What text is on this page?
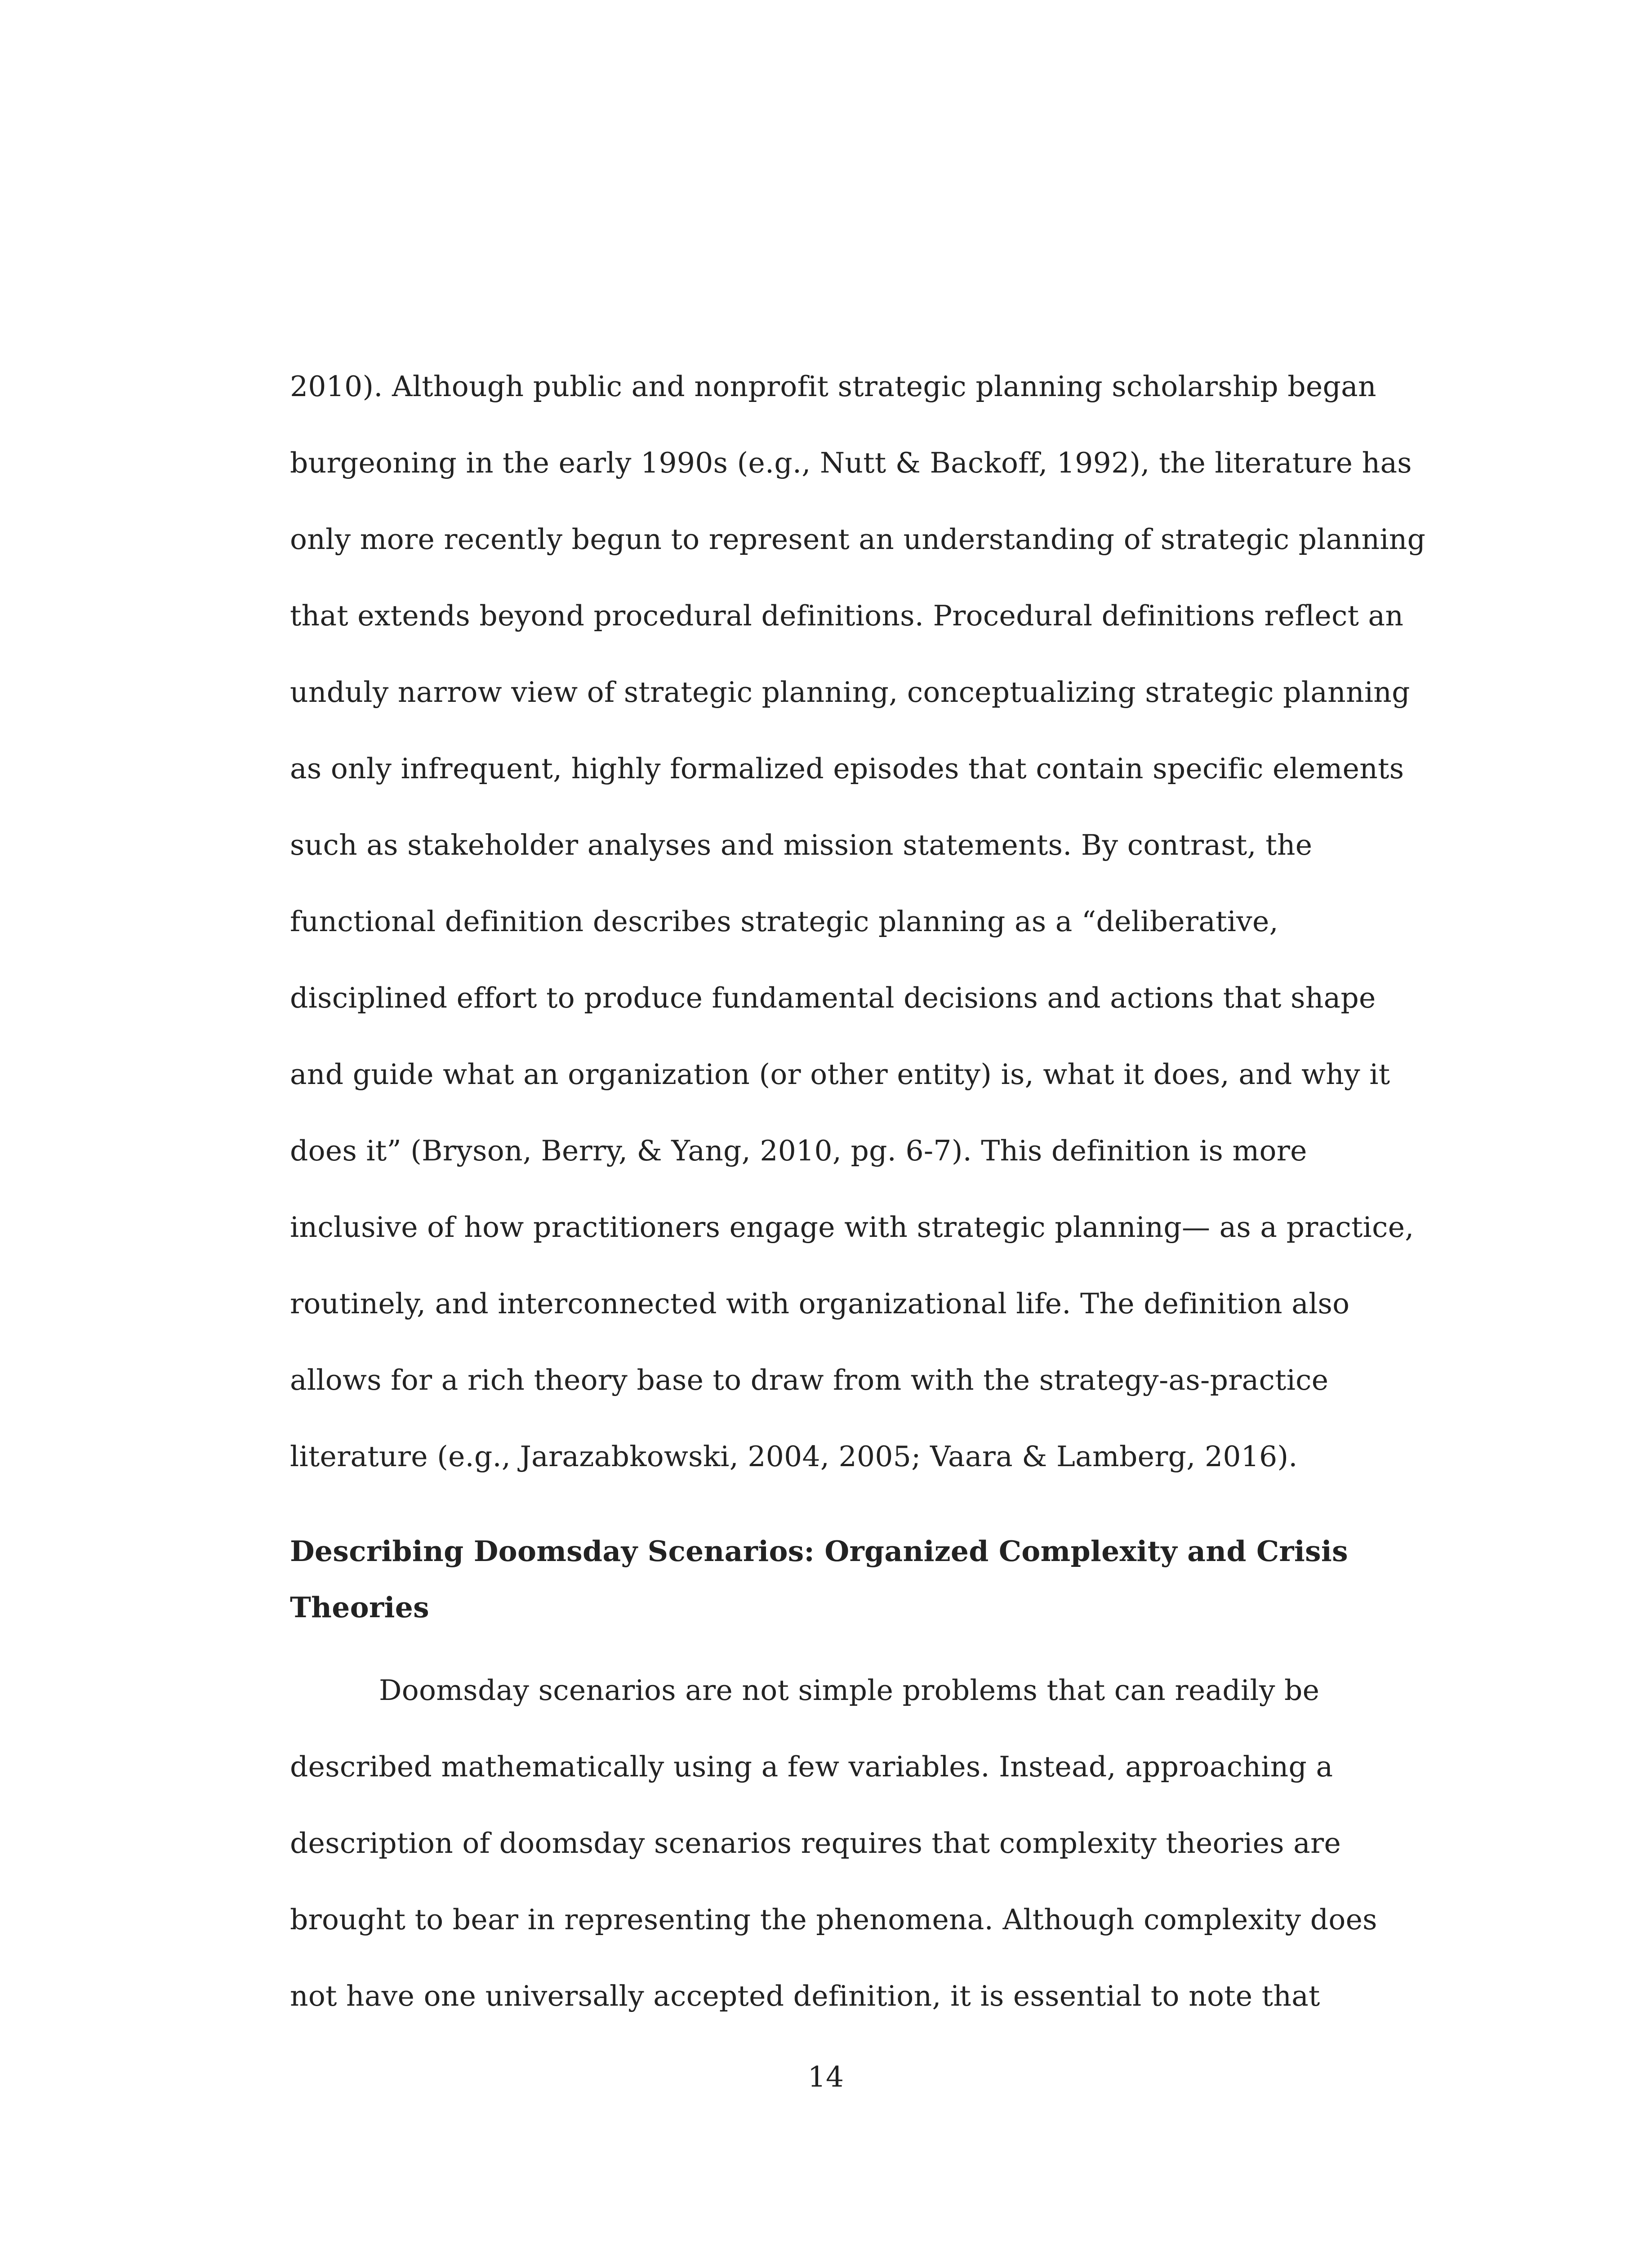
2010). Although public and nonprofit strategic planning scholarship began
burgeoning in the early 1990s (e.g., Nutt & Backoff, 1992), the literature has
only more recently begun to represent an understanding of strategic planning
that extends beyond procedural definitions. Procedural definitions reflect an
unduly narrow view of strategic planning, conceptualizing strategic planning
as only infrequent, highly formalized episodes that contain specific elements
such as stakeholder analyses and mission statements. By contrast, the
functional definition describes strategic planning as a “deliberative,
disciplined effort to produce fundamental decisions and actions that shape
and guide what an organization (or other entity) is, what it does, and why it
does it” (Bryson, Berry, & Yang, 2010, pg. 6-7). This definition is more
inclusive of how practitioners engage with strategic planning— as a practice,
routinely, and interconnected with organizational life. The definition also
allows for a rich theory base to draw from with the strategy-as-practice
literature (e.g., Jarazabkowski, 2004, 2005; Vaara & Lamberg, 2016).
Describing Doomsday Scenarios: Organized Complexity and Crisis
Theories
Doomsday scenarios are not simple problems that can readily be
described mathematically using a few variables. Instead, approaching a
description of doomsday scenarios requires that complexity theories are
brought to bear in representing the phenomena. Although complexity does
not have one universally accepted definition, it is essential to note that
14
